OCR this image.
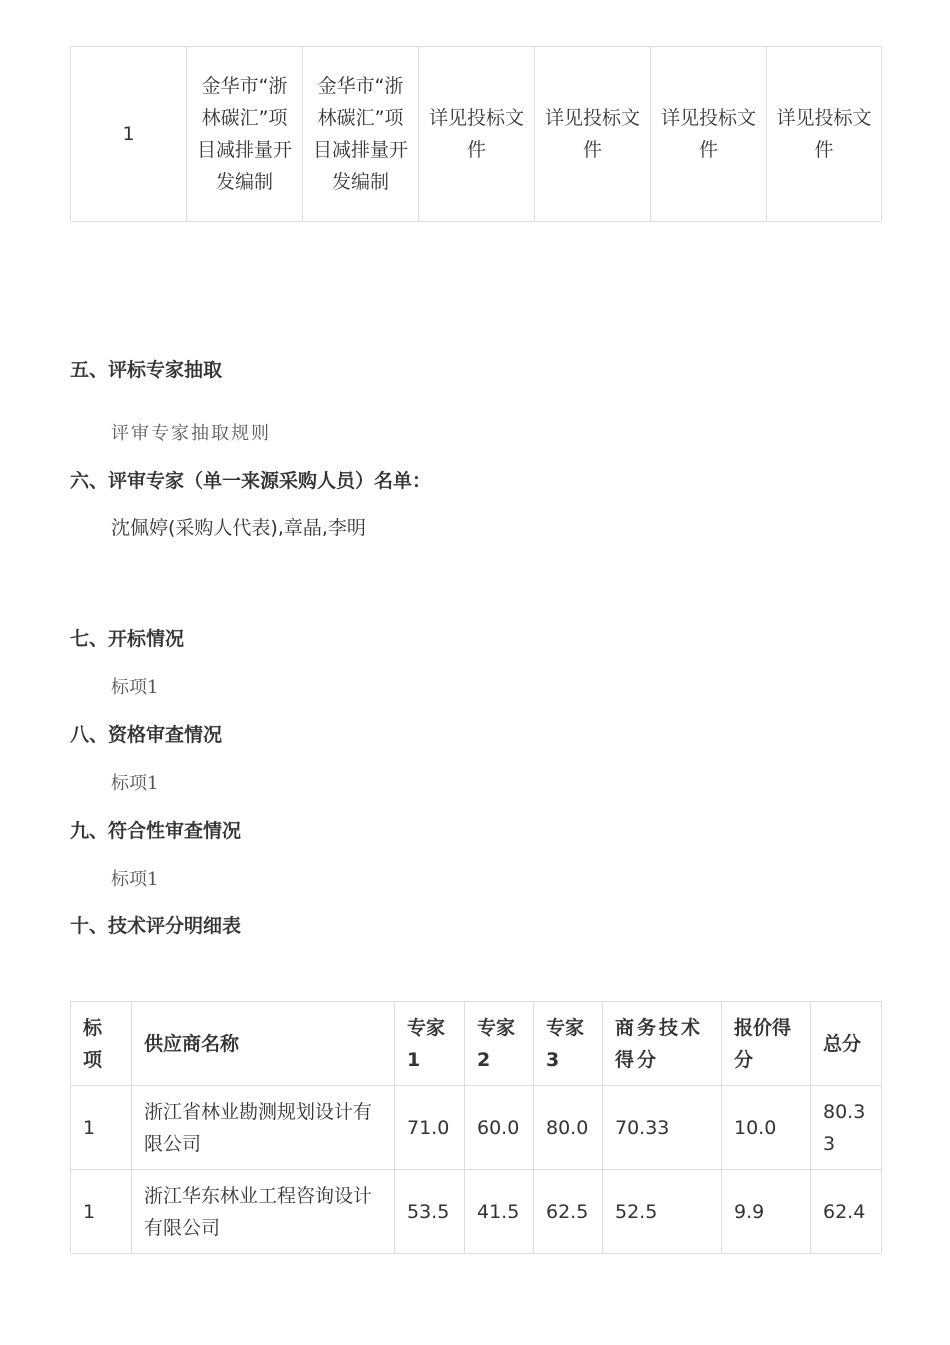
1	金华市“浙林碳汇”项目减排量开发编制	金华市“浙林碳汇”项目减排量开发编制	详见投标文件	详见投标文件	详见投标文件	详见投标文件

五、评标专家抽取

评审专家抽取规则

六、评审专家（单一来源采购人员）名单：

沈佩婷(采购人代表),章晶,李明

七、开标情况

标项1

八、资格审查情况

标项1

九、符合性审查情况

标项1

十、技术评分明细表

标项	供应商名称	专家1	专家2	专家3	商务技术得分	报价得分	总分
1	浙江省林业勘测规划设计有限公司	71.0	60.0	80.0	70.33	10.0	80.33
1	浙江华东林业工程咨询设计有限公司	53.5	41.5	62.5	52.5	9.9	62.4
